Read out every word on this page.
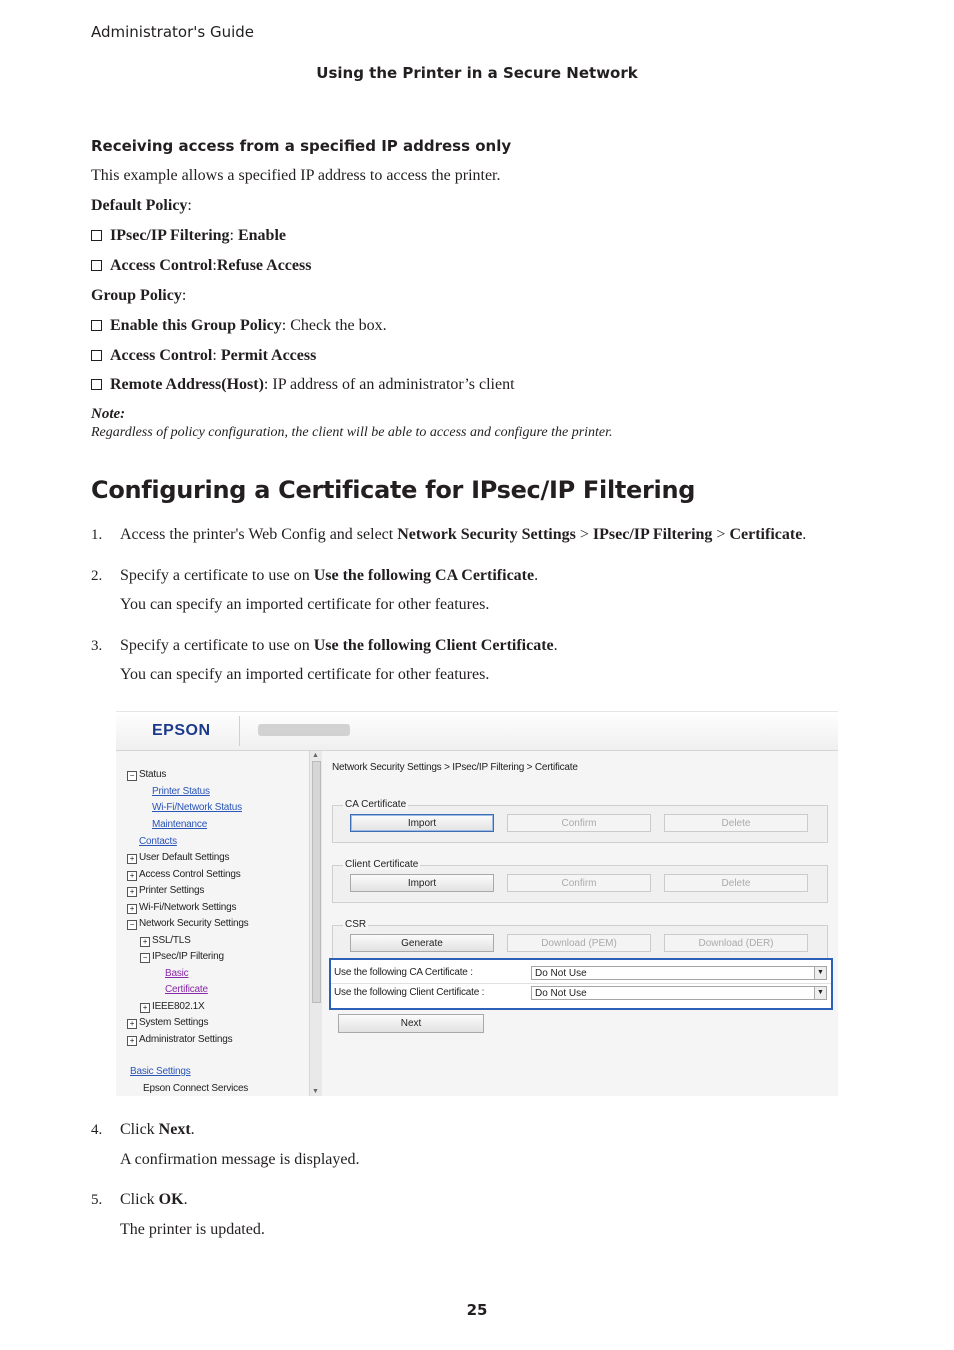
Administrator's Guide
Using the Printer in a Secure Network
Receiving access from a specified IP address only
This example allows a specified IP address to access the printer.
Default Policy:
IPsec/IP Filtering: Enable
Access Control:Refuse Access
Group Policy:
Enable this Group Policy: Check the box.
Access Control: Permit Access
Remote Address(Host): IP address of an administrator’s client
Note:
Regardless of policy configuration, the client will be able to access and configure the printer.
Configuring a Certificate for IPsec/IP Filtering
1. Access the printer's Web Config and select Network Security Settings > IPsec/IP Filtering > Certificate.
2. Specify a certificate to use on Use the following CA Certificate.
You can specify an imported certificate for other features.
3. Specify a certificate to use on Use the following Client Certificate.
You can specify an imported certificate for other features.
EPSON
− Status
Printer Status
Wi-Fi/Network Status
Maintenance
Contacts
+ User Default Settings
+ Access Control Settings
+ Printer Settings
+ Wi-Fi/Network Settings
− Network Security Settings
+ SSL/TLS
− IPsec/IP Filtering
Basic
Certificate
+ IEEE802.1X
+ System Settings
+ Administrator Settings
Basic Settings
Epson Connect Services
▲
▼
Network Security Settings > IPsec/IP Filtering > Certificate
CA Certificate
Import	Confirm	Delete
Client Certificate
Import	Confirm	Delete
CSR
Generate	Download (PEM)	Download (DER)
Use the following CA Certificate :	Do Not Use	▼
Use the following Client Certificate :	Do Not Use	▼
Next
4. Click Next.
A confirmation message is displayed.
5. Click OK.
The printer is updated.
25
